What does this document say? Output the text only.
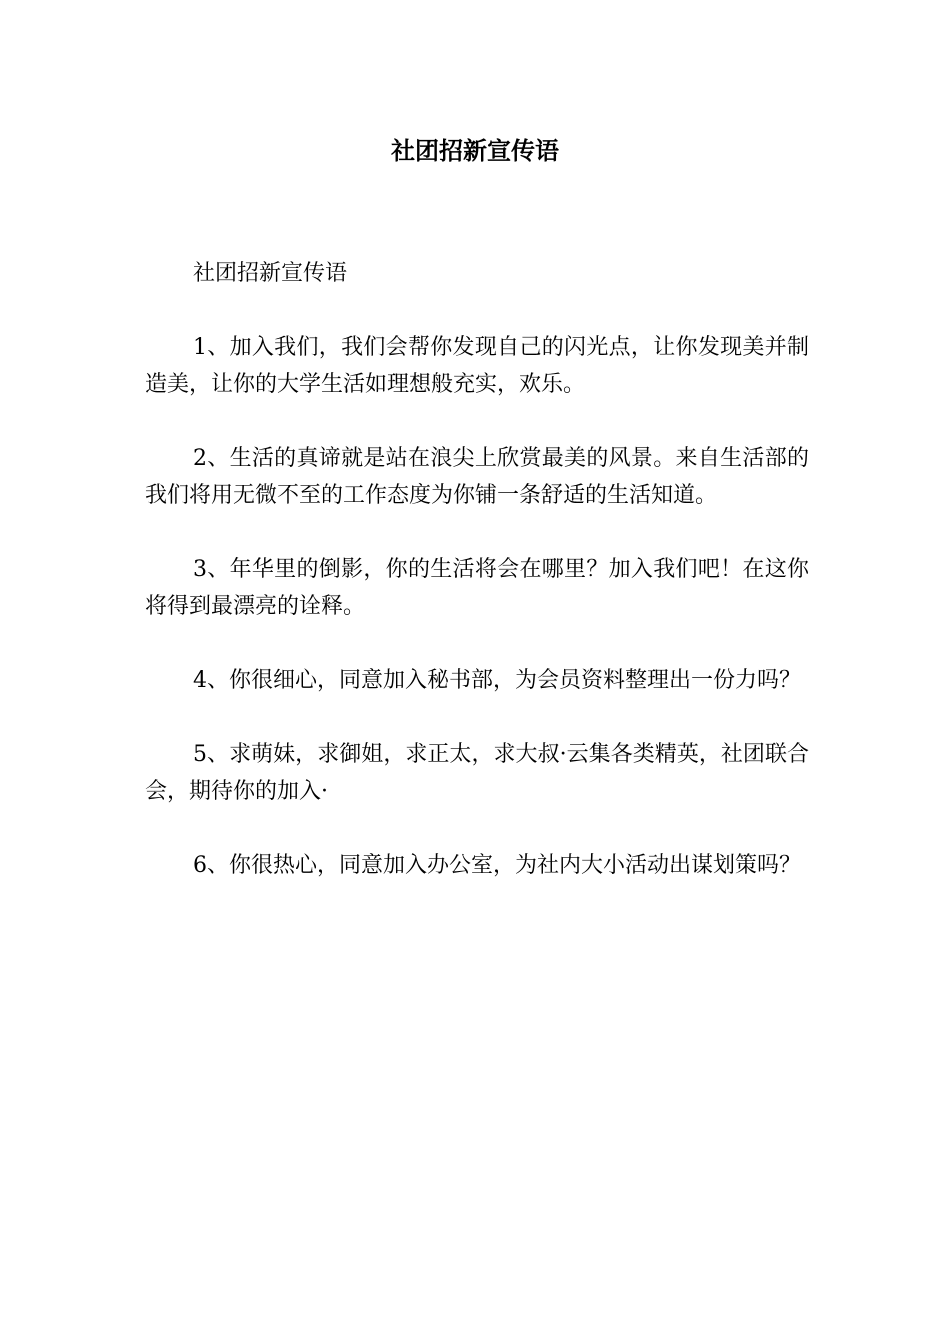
社团招新宣传语

社团招新宣传语

1、加入我们，我们会帮你发现自己的闪光点，让你发现美并制造美，让你的大学生活如理想般充实，欢乐。

2、生活的真谛就是站在浪尖上欣赏最美的风景。来自生活部的我们将用无微不至的工作态度为你铺一条舒适的生活知道。

3、年华里的倒影，你的生活将会在哪里？加入我们吧！在这你将得到最漂亮的诠释。

4、你很细心，同意加入秘书部，为会员资料整理出一份力吗？

5、求萌妹，求御姐，求正太，求大叔·云集各类精英，社团联合会，期待你的加入·

6、你很热心，同意加入办公室，为社内大小活动出谋划策吗？
